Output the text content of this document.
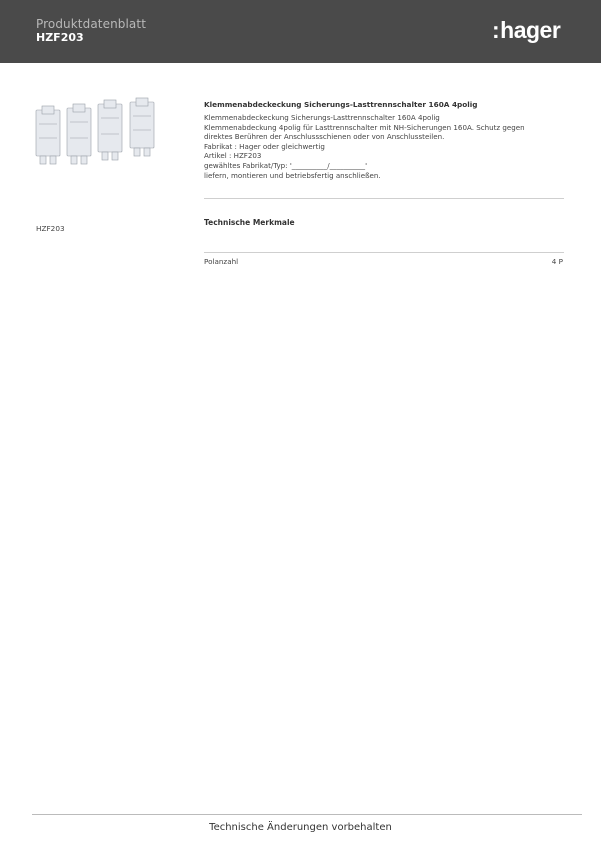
Produktdatenblatt
HZF203	:hager
Klemmenabdeckeckung Sicherungs-Lasttrennschalter 160A 4polig
Klemmenabdeckeckung Sicherungs-Lasttrennschalter 160A 4polig
Klemmenabdeckung 4polig für Lasttrennschalter mit NH-Sicherungen 160A. Schutz gegen
direktes Berühren der Anschlussschienen oder von Anschlussteilen.
Fabrikat : Hager oder gleichwertig
Artikel : HZF203
gewähltes Fabrikat/Typ: '__________/__________'
liefern, montieren und betriebsfertig anschließen.
HZF203
Technische Merkmale
Polanzahl	4 P
Technische Änderungen vorbehalten
